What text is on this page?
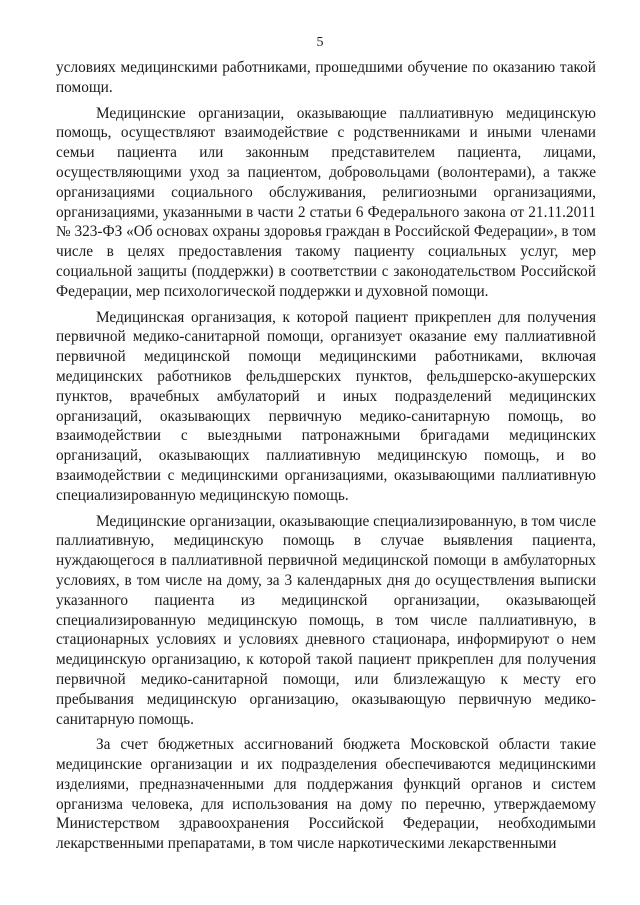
5

условиях медицинскими работниками, прошедшими обучение по оказанию такой помощи.

Медицинские организации, оказывающие паллиативную медицинскую помощь, осуществляют взаимодействие с родственниками и иными членами семьи пациента или законным представителем пациента, лицами, осуществляющими уход за пациентом, добровольцами (волонтерами), а также организациями социального обслуживания, религиозными организациями, организациями, указанными в части 2 статьи 6 Федерального закона от 21.11.2011 № 323-ФЗ «Об основах охраны здоровья граждан в Российской Федерации», в том числе в целях предоставления такому пациенту социальных услуг, мер социальной защиты (поддержки) в соответствии с законодательством Российской Федерации, мер психологической поддержки и духовной помощи.

Медицинская организация, к которой пациент прикреплен для получения первичной медико-санитарной помощи, организует оказание ему паллиативной первичной медицинской помощи медицинскими работниками, включая медицинских работников фельдшерских пунктов, фельдшерско-акушерских пунктов, врачебных амбулаторий и иных подразделений медицинских организаций, оказывающих первичную медико-санитарную помощь, во взаимодействии с выездными патронажными бригадами медицинских организаций, оказывающих паллиативную медицинскую помощь, и во взаимодействии с медицинскими организациями, оказывающими паллиативную специализированную медицинскую помощь.

Медицинские организации, оказывающие специализированную, в том числе паллиативную, медицинскую помощь в случае выявления пациента, нуждающегося в паллиативной первичной медицинской помощи в амбулаторных условиях, в том числе на дому, за 3 календарных дня до осуществления выписки указанного пациента из медицинской организации, оказывающей специализированную медицинскую помощь, в том числе паллиативную, в стационарных условиях и условиях дневного стационара, информируют о нем медицинскую организацию, к которой такой пациент прикреплен для получения первичной медико-санитарной помощи, или близлежащую к месту его пребывания медицинскую организацию, оказывающую первичную медико-санитарную помощь.

За счет бюджетных ассигнований бюджета Московской области такие медицинские организации и их подразделения обеспечиваются медицинскими изделиями, предназначенными для поддержания функций органов и систем организма человека, для использования на дому по перечню, утверждаемому Министерством здравоохранения Российской Федерации, необходимыми лекарственными препаратами, в том числе наркотическими лекарственными
